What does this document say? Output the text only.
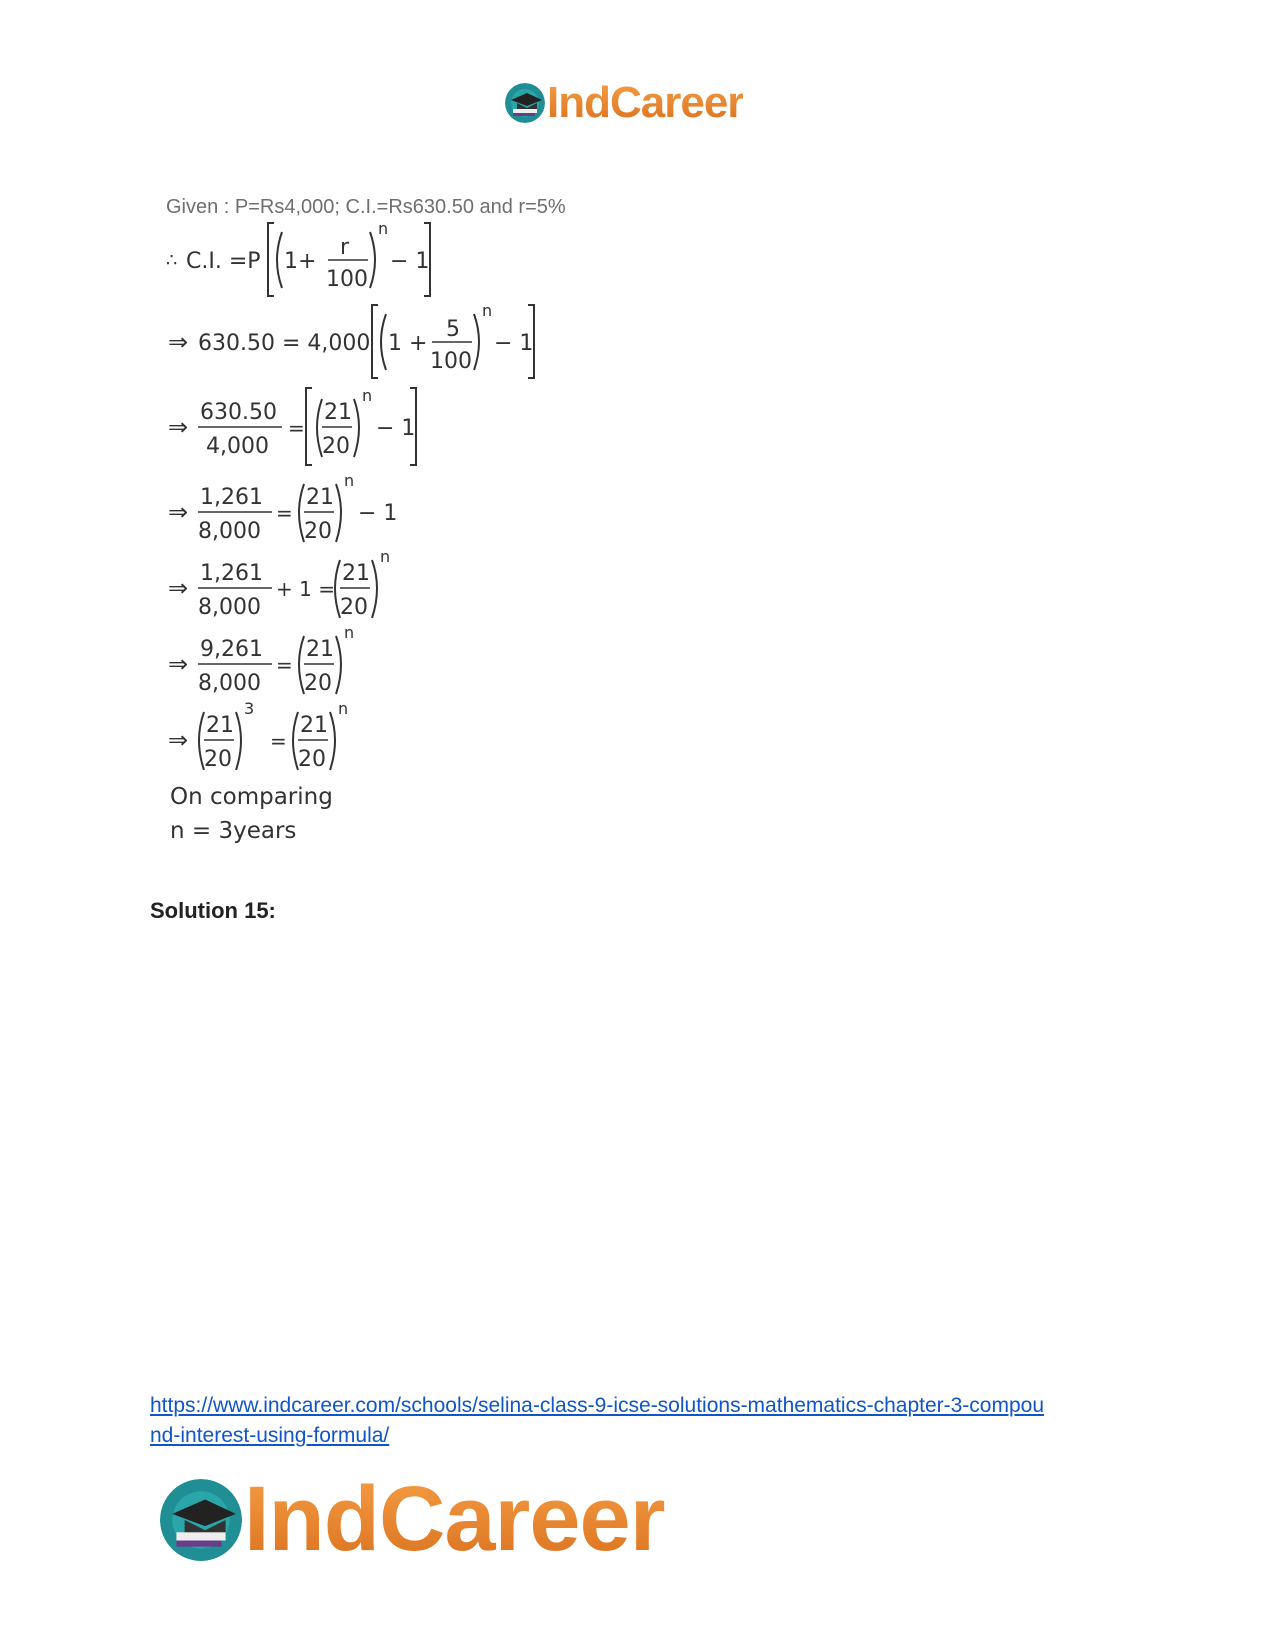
IndCareer
Given : P=Rs4,000; C.I.=Rs630.50 and r=5%
∴ C.I. =P 1+
r
100
n
− 1
⇒ 630.50 = 4,000 1 +
5
100
n
− 1
⇒
630.50
4,000
=
21
20
n
− 1
⇒
1,261
8,000
=
21
20
n
− 1
⇒
1,261
8,000
+ 1 =
21
20
n
⇒
9,261
8,000
=
21
20
n
⇒
21
20
3
=
21
20
n
On comparing
n = 3years
Solution 15:
https://www.indcareer.com/schools/selina-class-9-icse-solutions-mathematics-chapter-3-compou
nd-interest-using-formula/
IndCareer
